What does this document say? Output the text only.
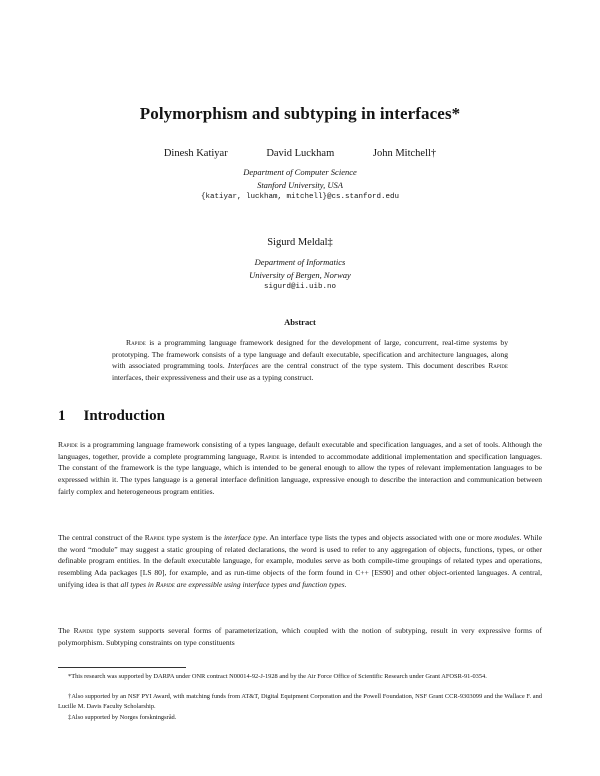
Polymorphism and subtyping in interfaces*
Dinesh Katiyar	David Luckham	John Mitchell†
Department of Computer Science
Stanford University, USA
{katiyar, luckham, mitchell}@cs.stanford.edu
Sigurd Meldal‡
Department of Informatics
University of Bergen, Norway
sigurd@ii.uib.no
Abstract
Rapide is a programming language framework designed for the development of large, concurrent, real-time systems by prototyping. The framework consists of a type language and default executable, specification and architecture languages, along with associated programming tools. Interfaces are the central construct of the type system. This document describes Rapide interfaces, their expressiveness and their use as a typing construct.
1 Introduction
Rapide is a programming language framework consisting of a types language, default executable and specification languages, and a set of tools. Although the languages, together, provide a complete programming language, Rapide is intended to accommodate additional implementation and specification languages. The constant of the framework is the type language, which is intended to be general enough to allow the types of relevant implementation languages to be expressed within it. The types language is a general interface definition language, expressive enough to describe the interaction and communication between fairly complex and heterogeneous program entities.
The central construct of the Rapide type system is the interface type. An interface type lists the types and objects associated with one or more modules. While the word “module” may suggest a static grouping of related declarations, the word is used to refer to any aggregation of objects, functions, types, or other definable program entities. In the default executable language, for example, modules serve as both compile-time groupings of related types and operations, resembling Ada packages [LS 80], for example, and as run-time objects of the form found in C++ [ES90] and other object-oriented languages. A central, unifying idea is that all types in Rapide are expressible using interface types and function types.
The Rapide type system supports several forms of parameterization, which coupled with the notion of subtyping, result in very expressive forms of polymorphism. Subtyping constraints on type constituents
*This research was supported by DARPA under ONR contract N00014-92-J-1928 and by the Air Force Office of Scientific Research under Grant AFOSR-91-0354.
†Also supported by an NSF PYI Award, with matching funds from AT&T, Digital Equipment Corporation and the Powell Foundation, NSF Grant CCR-9303099 and the Wallace F. and Lucille M. Davis Faculty Scholarship.
‡Also supported by Norges forskningsråd.
